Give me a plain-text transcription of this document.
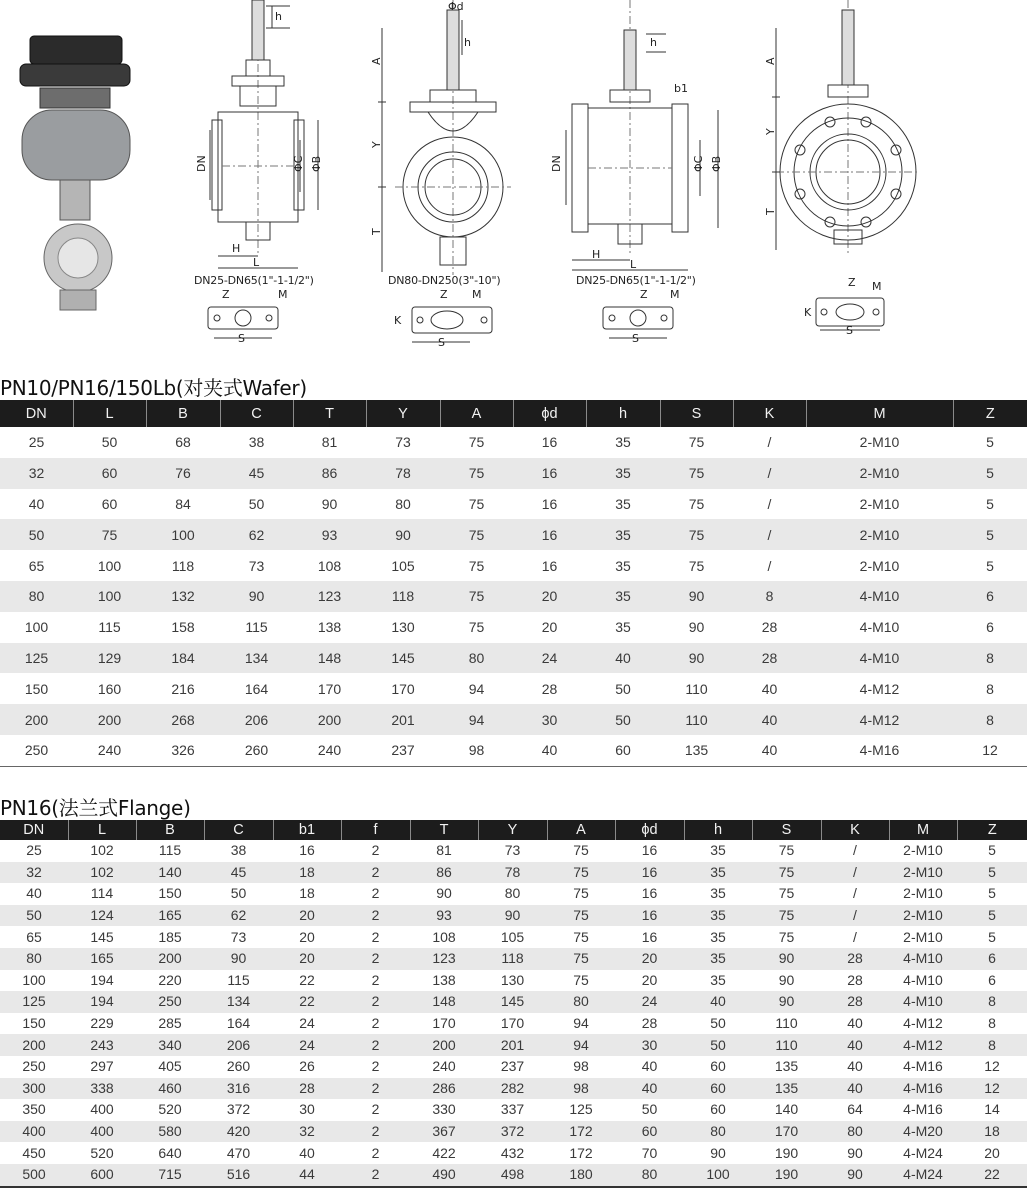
h
DN	ΦC ΦB
H
L
Φd
h
A
Y
T
b1
h
DN	ΦC ΦB
H
L
A
Y
T
Z	M
S
Z M
K
S
Z M
S
Z M
K
S
DN25-DN65(1"-1-1/2")	DN80-DN250(3"-10")	DN25-DN65(1"-1-1/2")
PN10/PN16/150Lb(对夹式Wafer)
DN	L	B	C	T	Y	A	ϕd	h	S	K	M	Z
25	50	68	38	81	73	75	16	35	75	/	2-M10	5
32	60	76	45	86	78	75	16	35	75	/	2-M10	5
40	60	84	50	90	80	75	16	35	75	/	2-M10	5
50	75	100	62	93	90	75	16	35	75	/	2-M10	5
65	100	118	73	108	105	75	16	35	75	/	2-M10	5
80	100	132	90	123	118	75	20	35	90	8	4-M10	6
100	115	158	115	138	130	75	20	35	90	28	4-M10	6
125	129	184	134	148	145	80	24	40	90	28	4-M10	8
150	160	216	164	170	170	94	28	50	110	40	4-M12	8
200	200	268	206	200	201	94	30	50	110	40	4-M12	8
250	240	326	260	240	237	98	40	60	135	40	4-M16	12
PN16(法兰式Flange)
DN	L	B	C	b1	f	T	Y	A	ϕd	h	S	K	M	Z
25	102	115	38	16	2	81	73	75	16	35	75	/	2-M10	5
32	102	140	45	18	2	86	78	75	16	35	75	/	2-M10	5
40	114	150	50	18	2	90	80	75	16	35	75	/	2-M10	5
50	124	165	62	20	2	93	90	75	16	35	75	/	2-M10	5
65	145	185	73	20	2	108	105	75	16	35	75	/	2-M10	5
80	165	200	90	20	2	123	118	75	20	35	90	28	4-M10	6
100	194	220	115	22	2	138	130	75	20	35	90	28	4-M10	6
125	194	250	134	22	2	148	145	80	24	40	90	28	4-M10	8
150	229	285	164	24	2	170	170	94	28	50	110	40	4-M12	8
200	243	340	206	24	2	200	201	94	30	50	110	40	4-M12	8
250	297	405	260	26	2	240	237	98	40	60	135	40	4-M16	12
300	338	460	316	28	2	286	282	98	40	60	135	40	4-M16	12
350	400	520	372	30	2	330	337	125	50	60	140	64	4-M16	14
400	400	580	420	32	2	367	372	172	60	80	170	80	4-M20	18
450	520	640	470	40	2	422	432	172	70	90	190	90	4-M24	20
500	600	715	516	44	2	490	498	180	80	100	190	90	4-M24	22
